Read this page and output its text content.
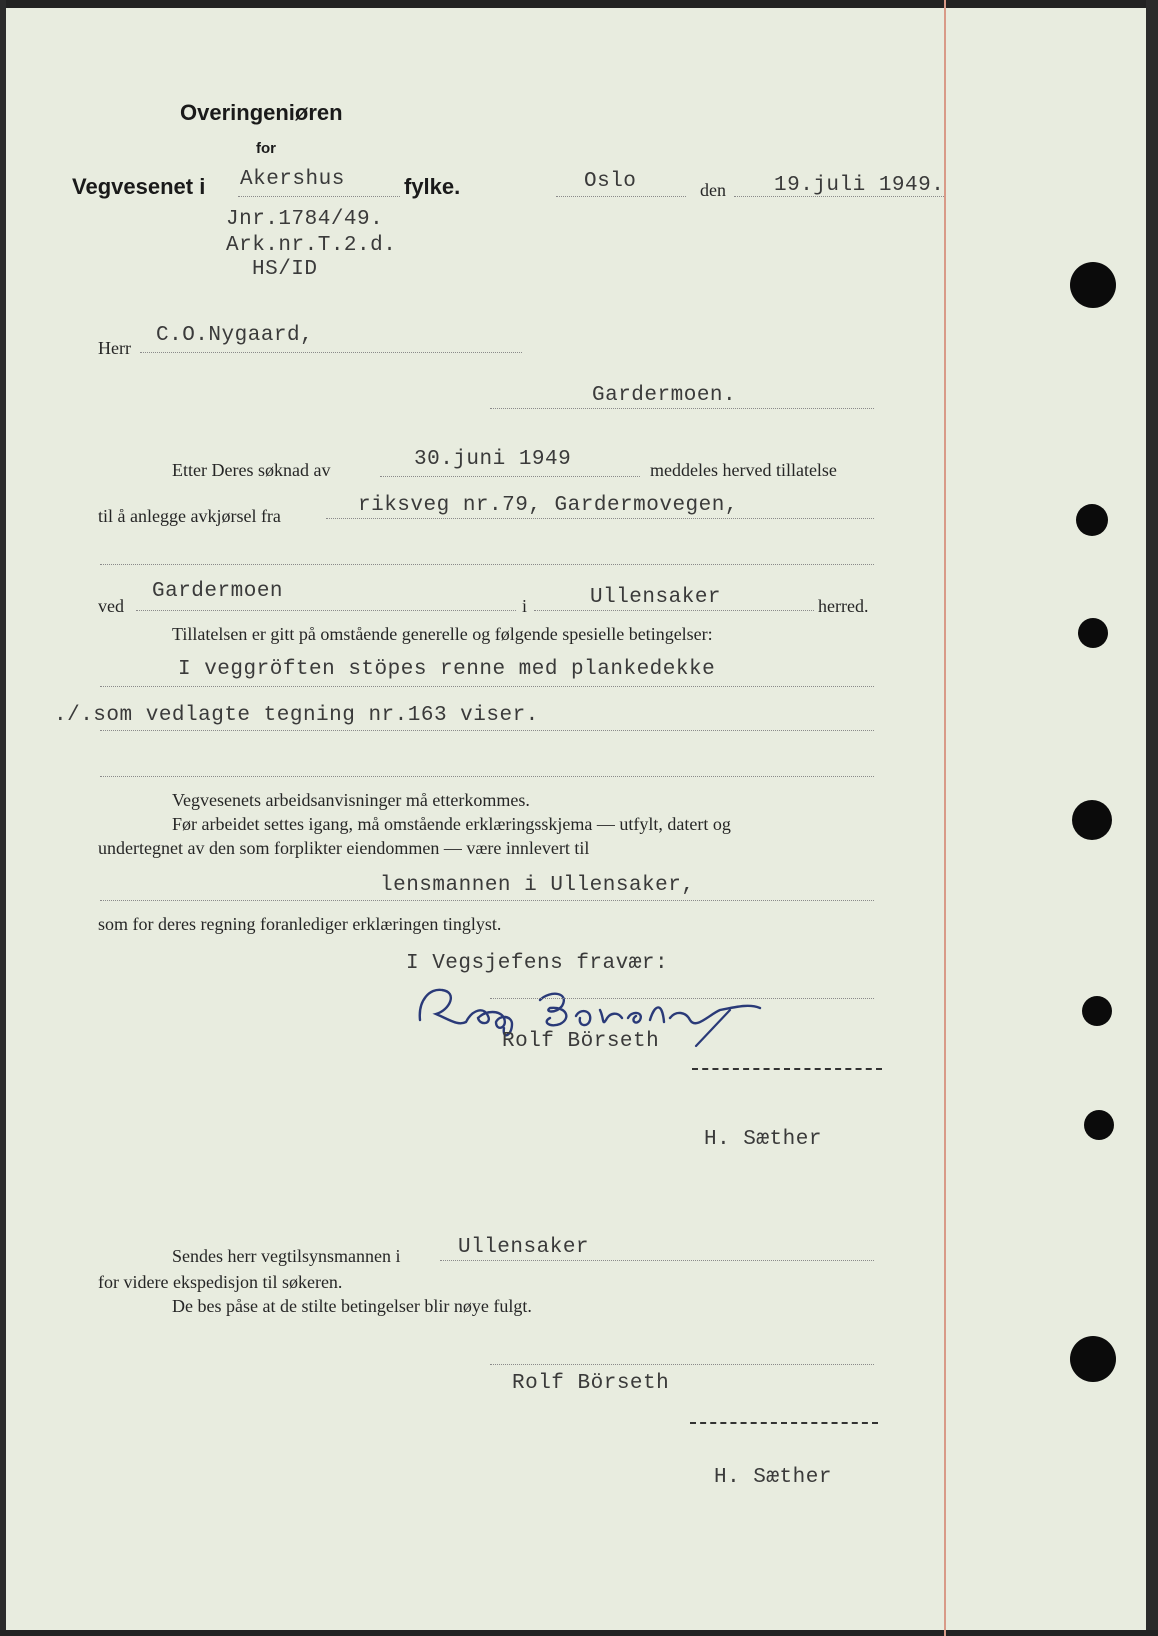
Overingeniøren
for
Vegvesenet i Akershus	fylke.	Oslo	den 19.juli 1949.
Jnr.1784/49.
Ark.nr.T.2.d.
HS/ID
Herr
C.O.Nygaard,
Gardermoen.
Etter Deres søknad av	30.juni 1949	meddeles herved tillatelse
til å anlegge avkjørsel fra	riksveg nr.79, Gardermovegen,
ved
Gardermoen
i	Ullensaker	herred.
Tillatelsen er gitt på omstående generelle og følgende spesielle betingelser:
I veggröften stöpes renne med plankedekke
./.som vedlagte tegning nr.163 viser.
Vegvesenets arbeidsanvisninger må etterkommes.
Før arbeidet settes igang, må omstående erklæringsskjema — utfylt, datert og
undertegnet av den som forplikter eiendommen — være innlevert til
lensmannen i Ullensaker,
som for deres regning foranlediger erklæringen tinglyst.
I Vegsjefens fravær:
Rolf Börseth
H. Sæther
Sendes herr vegtilsynsmannen i	Ullensaker
for videre ekspedisjon til søkeren.
De bes påse at de stilte betingelser blir nøye fulgt.
Rolf Börseth
H. Sæther
